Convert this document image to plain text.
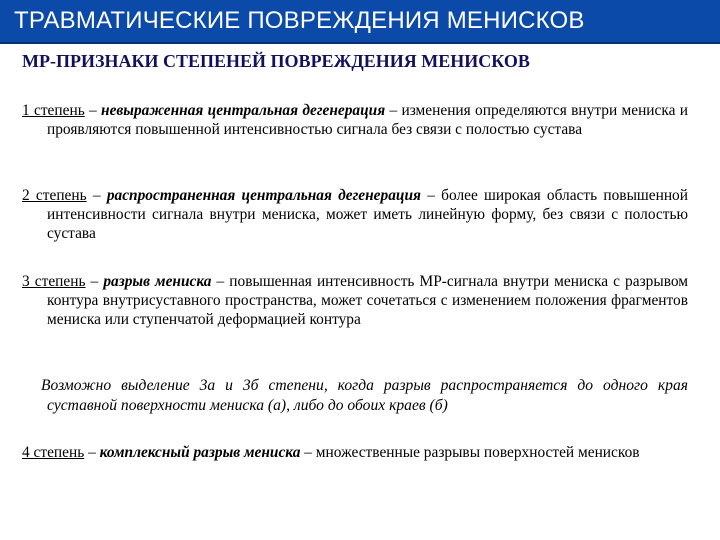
ТРАВМАТИЧЕСКИЕ ПОВРЕЖДЕНИЯ МЕНИСКОВ
МР-ПРИЗНАКИ СТЕПЕНЕЙ ПОВРЕЖДЕНИЯ МЕНИСКОВ
1 степень – невыраженная центральная дегенерация – изменения определяются внутри мениска и проявляются повышенной интенсивностью сигнала без связи с полостью сустава
2 степень – распространенная центральная дегенерация – более широкая область повышенной интенсивности сигнала внутри мениска, может иметь линейную форму, без связи с полостью сустава
3 степень – разрыв мениска – повышенная интенсивность МР-сигнала внутри мениска с разрывом контура внутрисуставного пространства, может сочетаться с изменением положения фрагментов мениска или ступенчатой деформацией контура
Возможно выделение 3а и 3б степени, когда разрыв распространяется до одного края суставной поверхности мениска (а), либо до обоих краев (б)
4 степень – комплексный разрыв мениска – множественные разрывы поверхностей менисков
